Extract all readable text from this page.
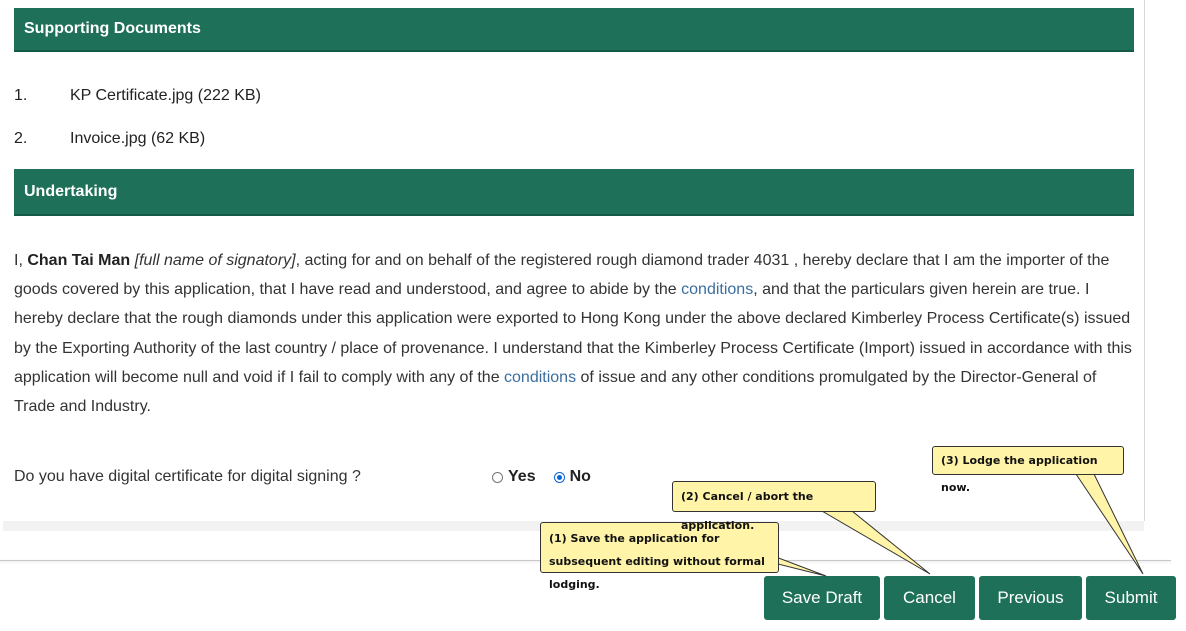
Supporting Documents
1.	KP Certificate.jpg (222 KB)
2.	Invoice.jpg (62 KB)
Undertaking
I, Chan Tai Man [full name of signatory], acting for and on behalf of the registered rough diamond trader 4031 , hereby declare that I am the importer of the goods covered by this application, that I have read and understood, and agree to abide by the conditions, and that the particulars given herein are true. I hereby declare that the rough diamonds under this application were exported to Hong Kong under the above declared Kimberley Process Certificate(s) issued by the Exporting Authority of the last country / place of provenance. I understand that the Kimberley Process Certificate (Import) issued in accordance with this application will become null and void if I fail to comply with any of the conditions of issue and any other conditions promulgated by the Director-General of Trade and Industry.
Do you have digital certificate for digital signing ?	Yes No
(1) Save the application for subsequent editing without formal lodging.
(2) Cancel / abort the application.
(3) Lodge the application now.
Save Draft	Cancel	Previous	Submit
